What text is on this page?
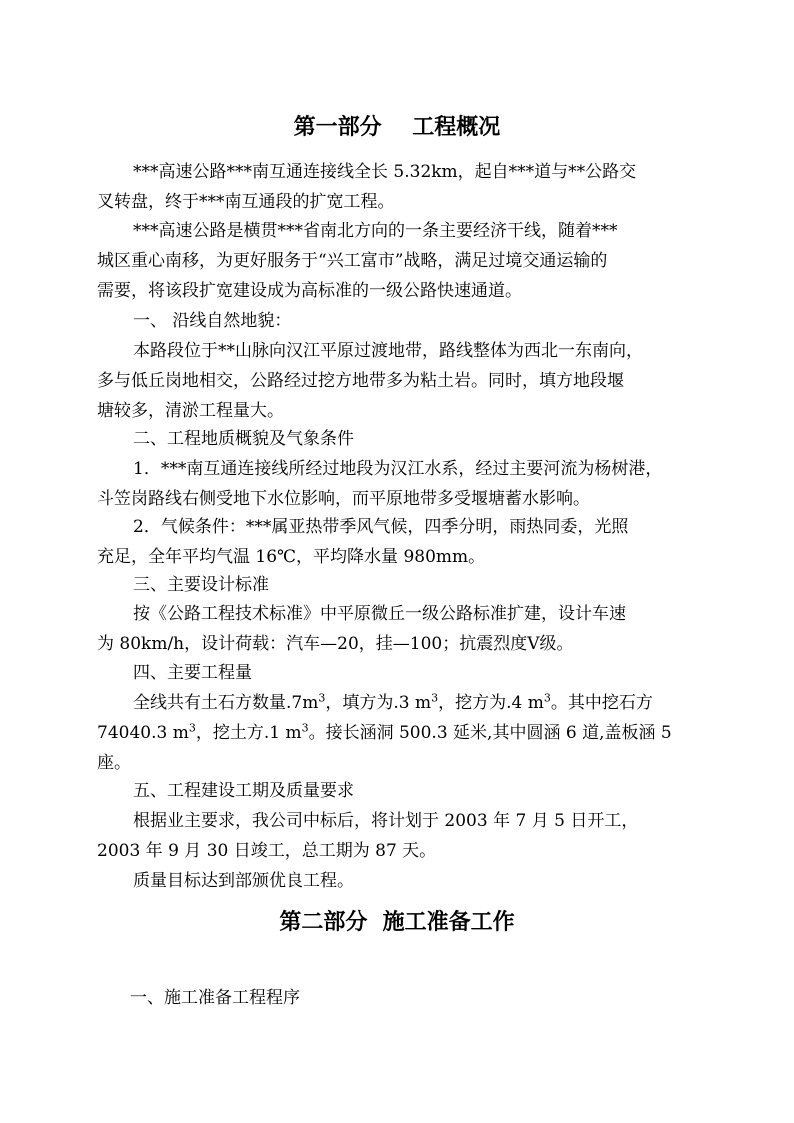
第一部分    工程概况

***高速公路***南互通连接线全长 5.32km，起自***道与**公路交
叉转盘，终于***南互通段的扩宽工程。

***高速公路是横贯***省南北方向的一条主要经济干线，随着***
城区重心南移，为更好服务于“兴工富市”战略，满足过境交通运输的
需要，将该段扩宽建设成为高标准的一级公路快速通道。

一、 沿线自然地貌：

本路段位于**山脉向汉江平原过渡地带，路线整体为西北一东南向，
多与低丘岗地相交，公路经过挖方地带多为粘土岩。同时，填方地段堰
塘较多，清淤工程量大。

二、工程地质概貌及气象条件

1．***南互通连接线所经过地段为汉江水系，经过主要河流为杨树港，
斗笠岗路线右侧受地下水位影响，而平原地带多受堰塘蓄水影响。

2．气候条件：***属亚热带季风气候，四季分明，雨热同委，光照
充足，全年平均气温 16℃，平均降水量 980mm。

三、主要设计标准

按《公路工程技术标准》中平原微丘一级公路标准扩建，设计车速
为 80km/h，设计荷载：汽车—20，挂—100；抗震烈度Ⅴ级。

四、主要工程量

全线共有土石方数量$.7m^3$，填方为.3 $m^3$，挖方为.4 $m^3$。其中挖石方
74040.3 $m^3$，挖土方.1 $m^3$。接长涵洞 500.3 延米,其中圆涵 6 道,盖板涵 5
座。

五、工程建设工期及质量要求

根据业主要求，我公司中标后，将计划于 2003 年 7 月 5 日开工，
2003 年 9 月 30 日竣工，总工期为 87 天。
质量目标达到部颁优良工程。

第二部分  施工准备工作

一、施工准备工程程序
